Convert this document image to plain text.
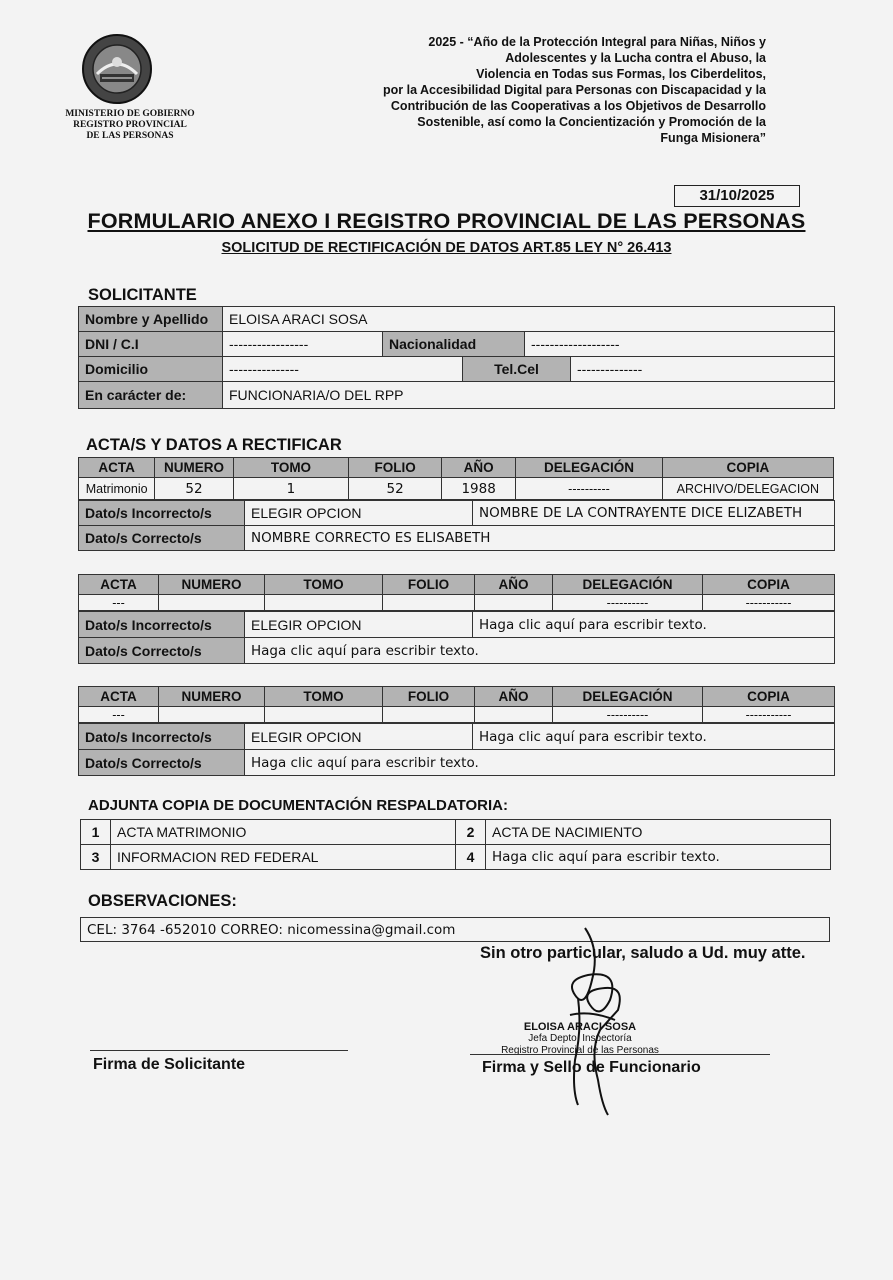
MINISTERIO DE GOBIERNO
REGISTRO PROVINCIAL
DE LAS PERSONAS
2025 - “Año de la Protección Integral para Niñas, Niños y
Adolescentes y la Lucha contra el Abuso, la
Violencia en Todas sus Formas, los Ciberdelitos,
por la Accesibilidad Digital para Personas con Discapacidad y la
Contribución de las Cooperativas a los Objetivos de Desarrollo
Sostenible, así como la Concientización y Promoción de la
Funga Misionera”
31/10/2025
FORMULARIO ANEXO I REGISTRO PROVINCIAL DE LAS PERSONAS
SOLICITUD DE RECTIFICACIÓN DE DATOS ART.85 LEY N° 26.413
SOLICITANTE
Nombre y Apellido	ELOISA ARACI SOSA				
DNI / C.I	-----------------	Nacionalidad		-------------------	
Domicilio	---------------		Tel.Cel		--------------
En carácter de:	FUNCIONARIA/O DEL RPP				
ACTA/S Y DATOS A RECTIFICAR
ACTA	NUMERO	TOMO	FOLIO	AÑO	DELEGACIÓN	COPIA
Matrimonio	52	1	52	1988	----------	ARCHIVO/DELEGACION
Dato/s Incorrecto/s	ELEGIR OPCION	NOMBRE DE LA CONTRAYENTE DICE ELIZABETH
Dato/s Correcto/s	NOMBRE CORRECTO ES ELISABETH	
ACTA	NUMERO	TOMO	FOLIO	AÑO	DELEGACIÓN	COPIA
---					----------	-----------
Dato/s Incorrecto/s	ELEGIR OPCION	Haga clic aquí para escribir texto.
Dato/s Correcto/s	Haga clic aquí para escribir texto.	
ACTA	NUMERO	TOMO	FOLIO	AÑO	DELEGACIÓN	COPIA
---					----------	-----------
Dato/s Incorrecto/s	ELEGIR OPCION	Haga clic aquí para escribir texto.
Dato/s Correcto/s	Haga clic aquí para escribir texto.	
ADJUNTA COPIA DE DOCUMENTACIÓN RESPALDATORIA:
1	ACTA MATRIMONIO	2	ACTA DE NACIMIENTO
3	INFORMACION RED FEDERAL	4	Haga clic aquí para escribir texto.
OBSERVACIONES:
CEL: 3764 -652010 CORREO: nicomessina@gmail.com
Sin otro particular, saludo a Ud. muy atte.
Firma de Solicitante
ELOISA ARACI SOSA
Jefa Depto. Inspectoría
Registro Provincial de las Personas
Firma y Sello de Funcionario
